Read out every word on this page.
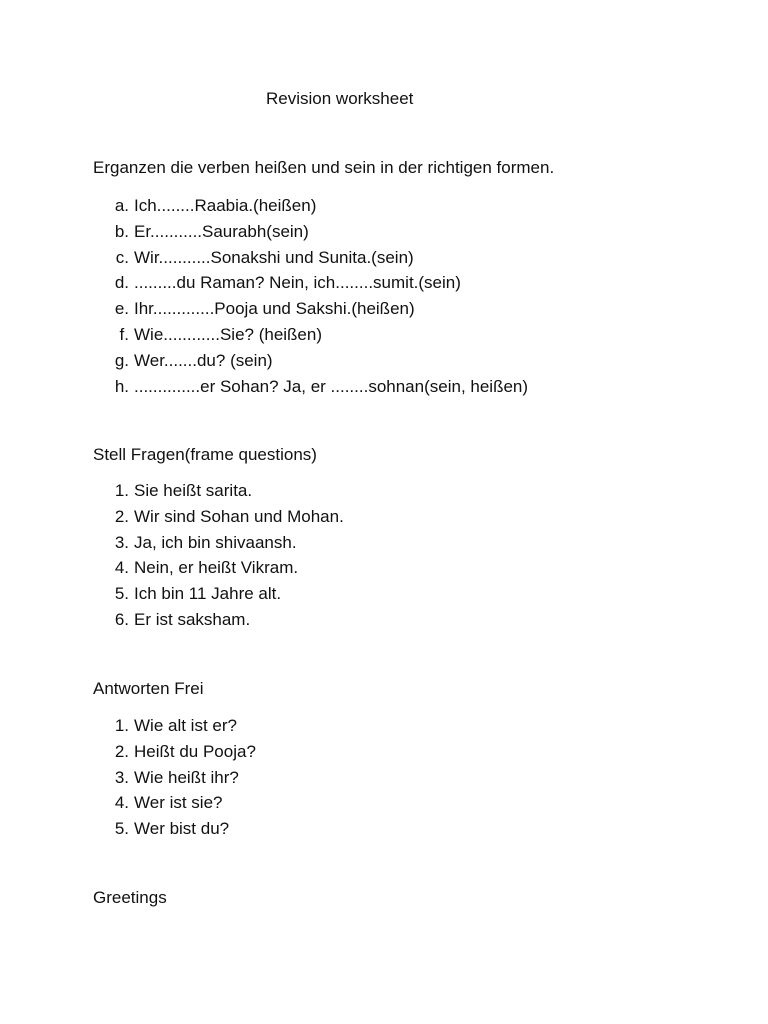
Revision worksheet
Erganzen die verben heißen und sein in der richtigen formen.
a. Ich........Raabia.(heißen)
b. Er...........Saurabh(sein)
c. Wir...........Sonakshi und Sunita.(sein)
d. .........du Raman? Nein, ich........sumit.(sein)
e. Ihr.............Pooja und Sakshi.(heißen)
f. Wie............Sie? (heißen)
g. Wer.......du? (sein)
h. ..............er Sohan? Ja, er ........sohnan(sein, heißen)
Stell Fragen(frame questions)
1. Sie heißt sarita.
2. Wir sind Sohan und Mohan.
3. Ja, ich bin shivaansh.
4. Nein, er heißt Vikram.
5. Ich bin 11 Jahre alt.
6. Er ist saksham.
Antworten Frei
1. Wie alt ist er?
2. Heißt du Pooja?
3. Wie heißt ihr?
4. Wer ist sie?
5. Wer bist du?
Greetings
